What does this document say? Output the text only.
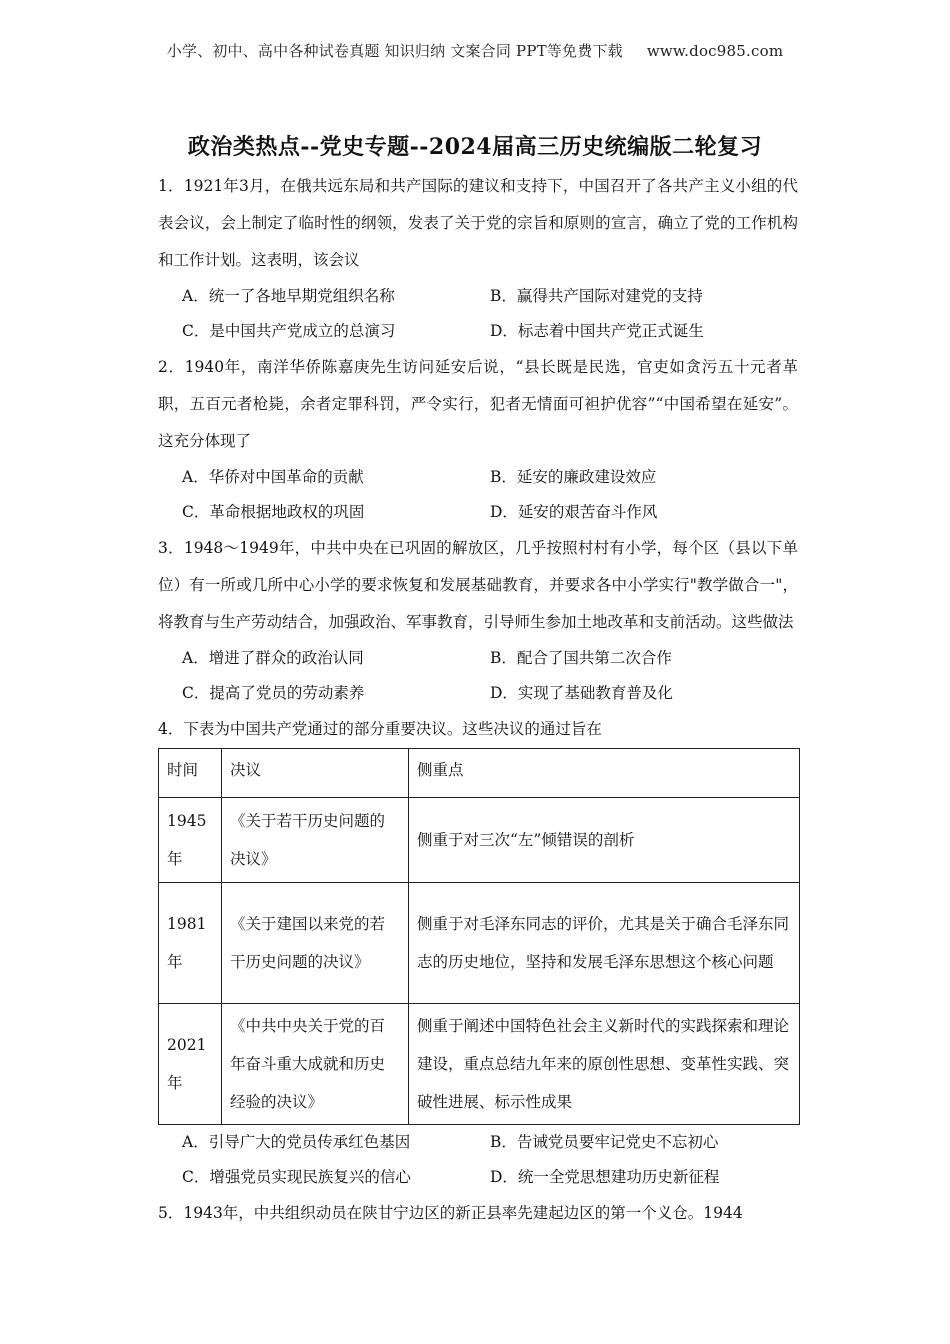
小学、初中、高中各种试卷真题 知识归纳 文案合同 PPT等免费下载 www.doc985.com
政治类热点--党史专题--2024届高三历史统编版二轮复习

1．1921年3月，在俄共远东局和共产国际的建议和支持下，中国召开了各共产主义小组的代表会议，会上制定了临时性的纲领，发表了关于党的宗旨和原则的宣言，确立了党的工作机构和工作计划。这表明，该会议

A．统一了各地早期党组织名称	B．赢得共产国际对建党的支持
C．是中国共产党成立的总演习	D．标志着中国共产党正式诞生

2．1940年，南洋华侨陈嘉庚先生访问延安后说，“县长既是民选，官吏如贪污五十元者革职，五百元者枪毙，余者定罪科罚，严令实行，犯者无情面可袒护优容”“中国希望在延安”。这充分体现了

A．华侨对中国革命的贡献	B．延安的廉政建设效应
C．革命根据地政权的巩固	D．延安的艰苦奋斗作风

3．1948～1949年，中共中央在已巩固的解放区，几乎按照村村有小学，每个区（县以下单位）有一所或几所中心小学的要求恢复和发展基础教育，并要求各中小学实行"教学做合一"，将教育与生产劳动结合，加强政治、军事教育，引导师生参加土地改革和支前活动。这些做法

A．增进了群众的政治认同	B．配合了国共第二次合作
C．提高了党员的劳动素养	D．实现了基础教育普及化

4．下表为中国共产党通过的部分重要决议。这些决议的通过旨在

时间	决议	侧重点
1945年	《关于若干历史问题的决议》	侧重于对三次“左”倾错误的剖析
1981年	《关于建国以来党的若干历史问题的决议》	侧重于对毛泽东同志的评价，尤其是关于确合毛泽东同志的历史地位，坚持和发展毛泽东思想这个核心问题
2021年	《中共中央关于党的百年奋斗重大成就和历史经验的决议》	侧重于阐述中国特色社会主义新时代的实践探索和理论建设，重点总结九年来的原创性思想、变革性实践、突破性进展、标示性成果
A．引导广大的党员传承红色基因	B．告诫党员要牢记党史不忘初心
C．增强党员实现民族复兴的信心	D．统一全党思想建功历史新征程

5．1943年，中共组织动员在陕甘宁边区的新正县率先建起边区的第一个义仓。1944
